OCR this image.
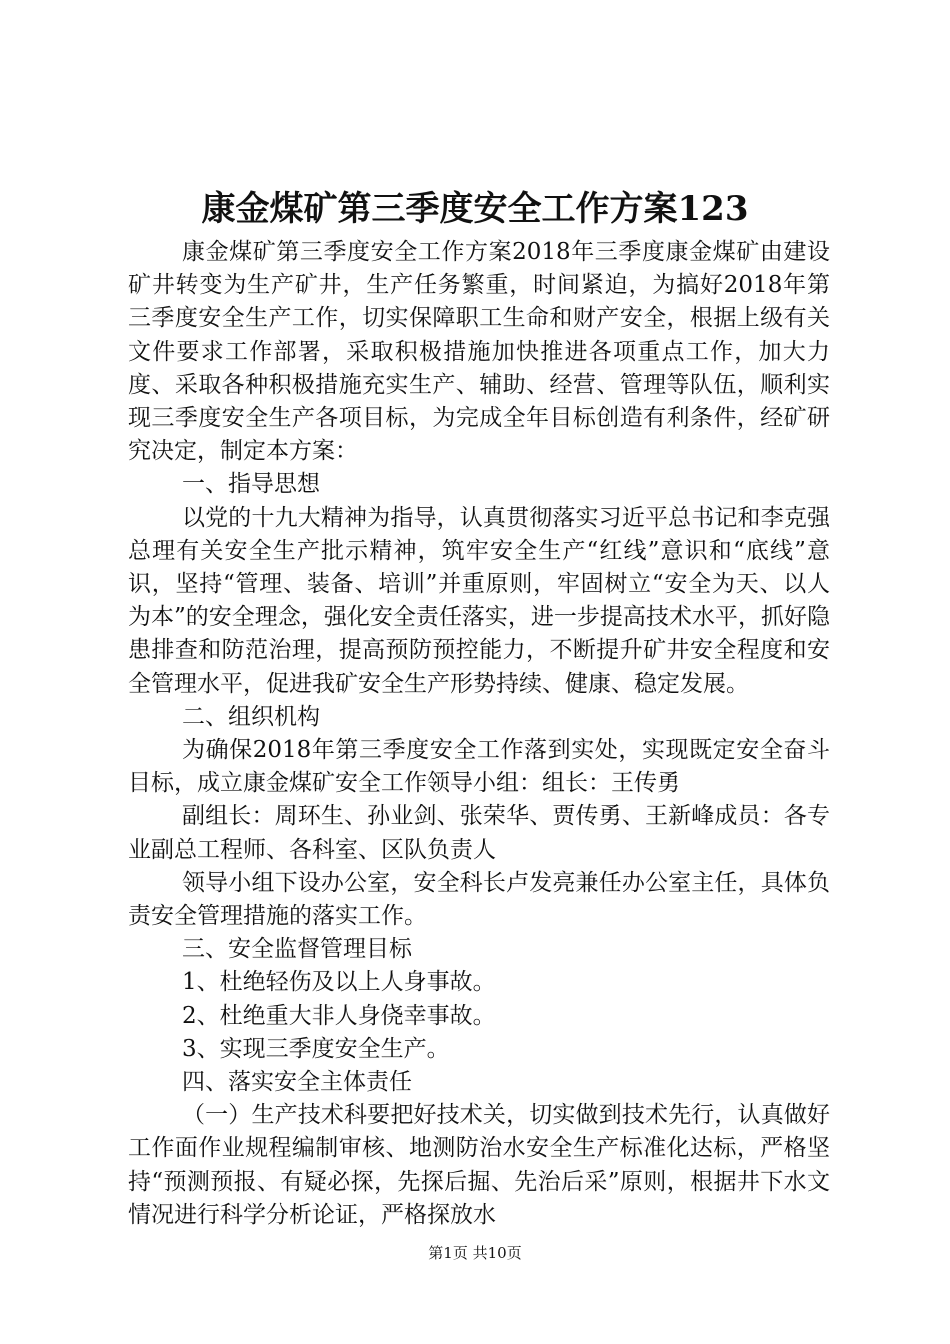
康金煤矿第三季度安全工作方案123

康金煤矿第三季度安全工作方案2018年三季度康金煤矿由建设矿井转变为生产矿井，生产任务繁重，时间紧迫，为搞好2018年第三季度安全生产工作，切实保障职工生命和财产安全，根据上级有关文件要求工作部署，采取积极措施加快推进各项重点工作，加大力度、采取各种积极措施充实生产、辅助、经营、管理等队伍，顺利实现三季度安全生产各项目标，为完成全年目标创造有利条件，经矿研究决定，制定本方案：

一、指导思想

以党的十九大精神为指导，认真贯彻落实习近平总书记和李克强总理有关安全生产批示精神，筑牢安全生产“红线”意识和“底线”意识，坚持“管理、装备、培训”并重原则，牢固树立“安全为天、以人为本”的安全理念，强化安全责任落实，进一步提高技术水平，抓好隐患排查和防范治理，提高预防预控能力，不断提升矿井安全程度和安全管理水平，促进我矿安全生产形势持续、健康、稳定发展。

二、组织机构

为确保2018年第三季度安全工作落到实处，实现既定安全奋斗目标，成立康金煤矿安全工作领导小组：组长：王传勇

副组长：周环生、孙业剑、张荣华、贾传勇、王新峰成员：各专业副总工程师、各科室、区队负责人

领导小组下设办公室，安全科长卢发亮兼任办公室主任，具体负责安全管理措施的落实工作。

三、安全监督管理目标

1、杜绝轻伤及以上人身事故。

2、杜绝重大非人身侥幸事故。

3、实现三季度安全生产。

四、落实安全主体责任

（一）生产技术科要把好技术关，切实做到技术先行，认真做好工作面作业规程编制审核、地测防治水安全生产标准化达标，严格坚持“预测预报、有疑必探，先探后掘、先治后采”原则，根据井下水文情况进行科学分析论证，严格探放水

第1页 共10页
